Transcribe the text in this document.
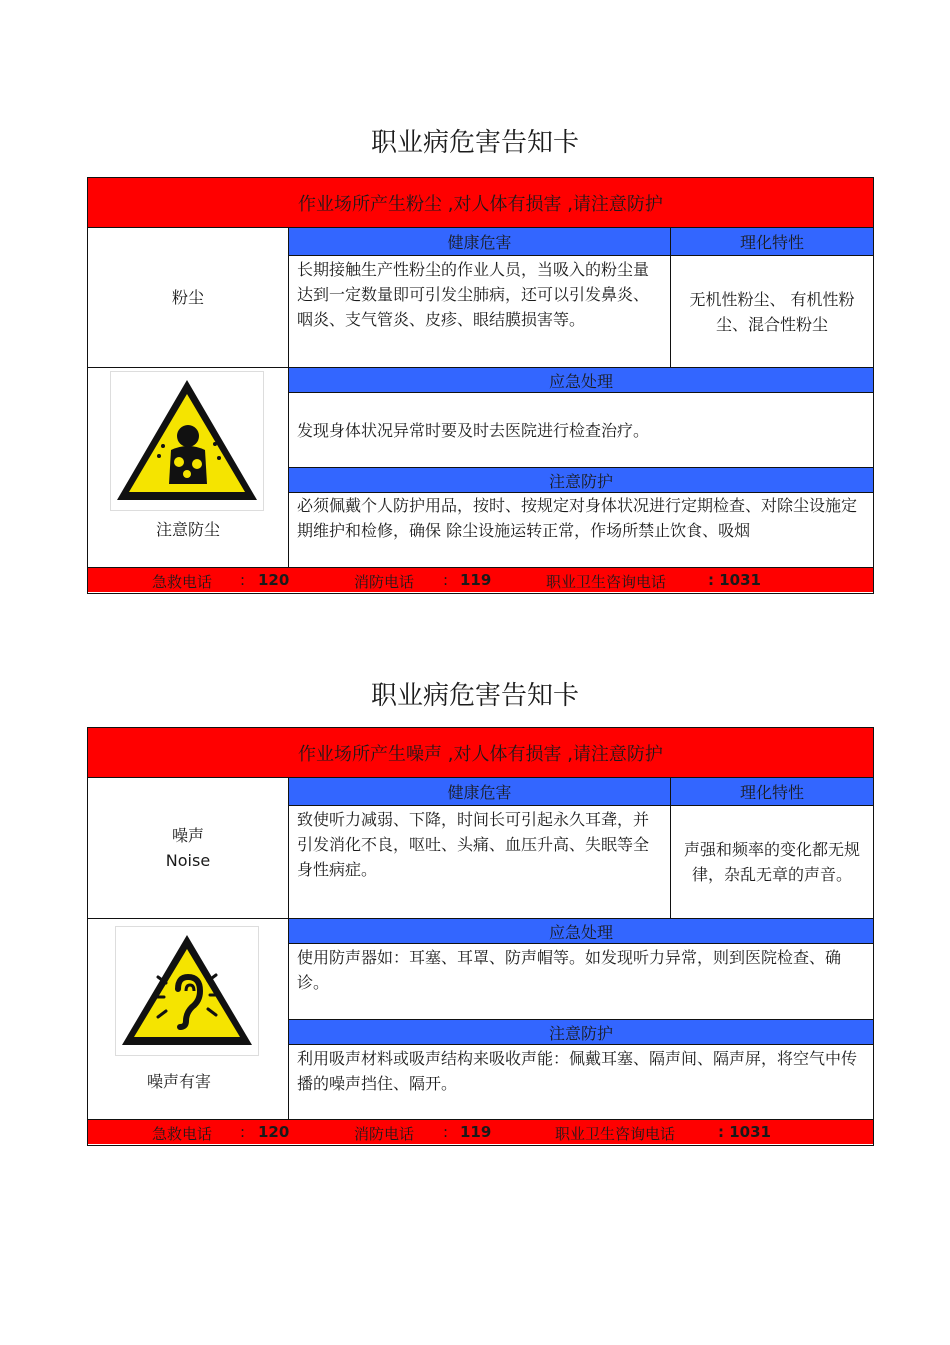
职业病危害告知卡
作业场所产生粉尘 ,对人体有损害 ,请注意防护
粉尘
健康危害	理化特性
长期接触生产性粉尘的作业人员，当吸入的粉尘量达到一定数量即可引发尘肺病，还可以引发鼻炎、咽炎、支气管炎、皮疹、眼结膜损害等。
无机性粉尘、 有机性粉尘、混合性粉尘
注意防尘
应急处理
发现身体状况异常时要及时去医院进行检查治疗。
注意防护
必须佩戴个人防护用品，按时、按规定对身体状况进行定期检查、对除尘设施定期维护和检修，确保 除尘设施运转正常，作场所禁止饮食、吸烟
急救电话 : 120	消防电话 : 119	职业卫生咨询电话	: 1031
职业病危害告知卡
作业场所产生噪声 ,对人体有损害 ,请注意防护
噪声
Noise
健康危害	理化特性
致使听力减弱、下降，时间长可引起永久耳聋，并引发消化不良，呕吐、头痛、血压升高、失眠等全身性病症。
声强和频率的变化都无规律，杂乱无章的声音。
噪声有害
应急处理
使用防声器如：耳塞、耳罩、防声帽等。如发现听力异常，则到医院检查、确诊。
注意防护
利用吸声材料或吸声结构来吸收声能：佩戴耳塞、隔声间、隔声屏，将空气中传播的噪声挡住、隔开。
急救电话 : 120	消防电话 : 119	职业卫生咨询电话	: 1031
